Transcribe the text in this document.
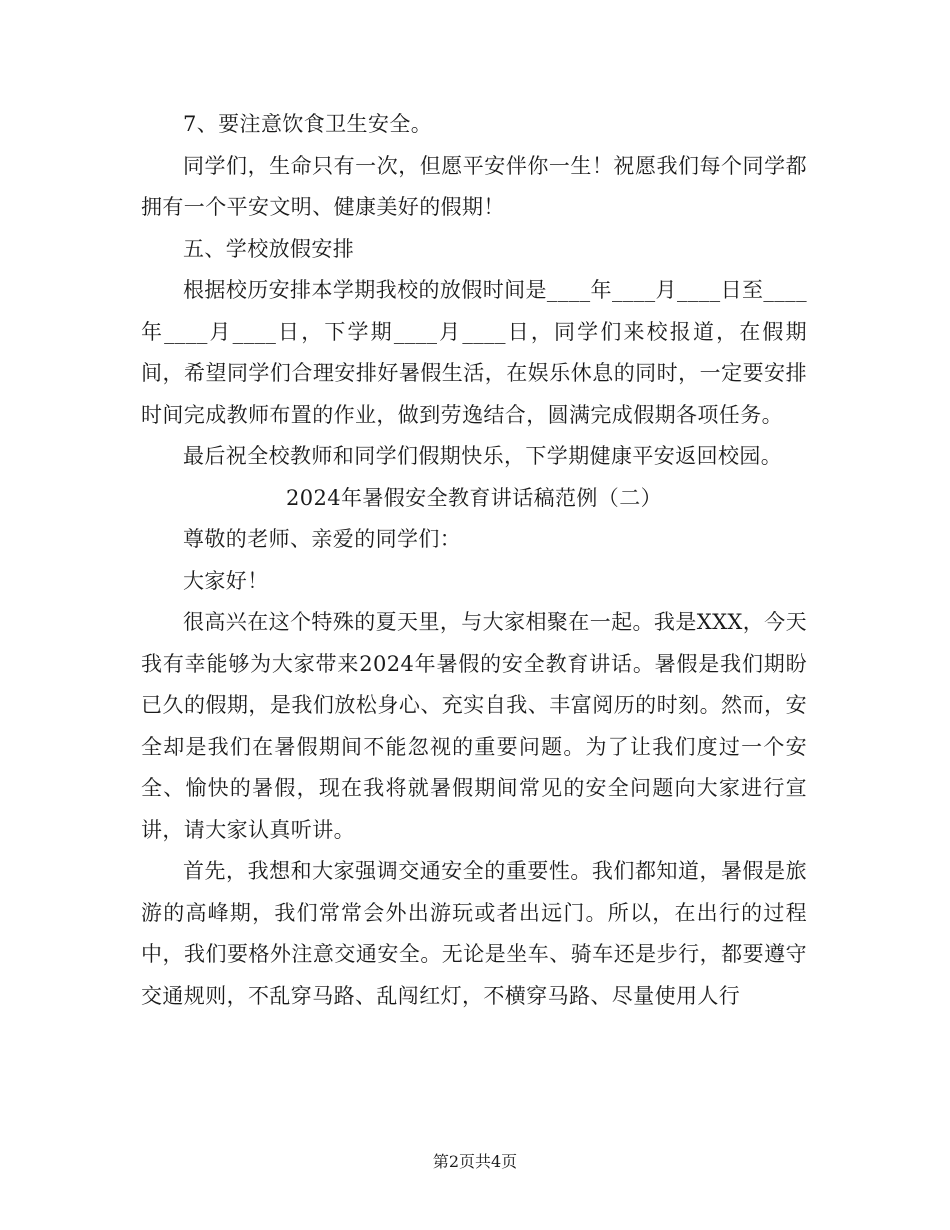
7、要注意饮食卫生安全。

同学们，生命只有一次，但愿平安伴你一生！祝愿我们每个同学都拥有一个平安文明、健康美好的假期！

五、学校放假安排

根据校历安排本学期我校的放假时间是____年____月____日至____年____月____日，下学期____月____日，同学们来校报道，在假期间，希望同学们合理安排好暑假生活，在娱乐休息的同时，一定要安排时间完成教师布置的作业，做到劳逸结合，圆满完成假期各项任务。

最后祝全校教师和同学们假期快乐，下学期健康平安返回校园。

2024年暑假安全教育讲话稿范例（二）

尊敬的老师、亲爱的同学们：

大家好！

很高兴在这个特殊的夏天里，与大家相聚在一起。我是XXX，今天我有幸能够为大家带来2024年暑假的安全教育讲话。暑假是我们期盼已久的假期，是我们放松身心、充实自我、丰富阅历的时刻。然而，安全却是我们在暑假期间不能忽视的重要问题。为了让我们度过一个安全、愉快的暑假，现在我将就暑假期间常见的安全问题向大家进行宣讲，请大家认真听讲。

首先，我想和大家强调交通安全的重要性。我们都知道，暑假是旅游的高峰期，我们常常会外出游玩或者出远门。所以，在出行的过程中，我们要格外注意交通安全。无论是坐车、骑车还是步行，都要遵守交通规则，不乱穿马路、乱闯红灯，不横穿马路、尽量使用人行

第2页共4页
